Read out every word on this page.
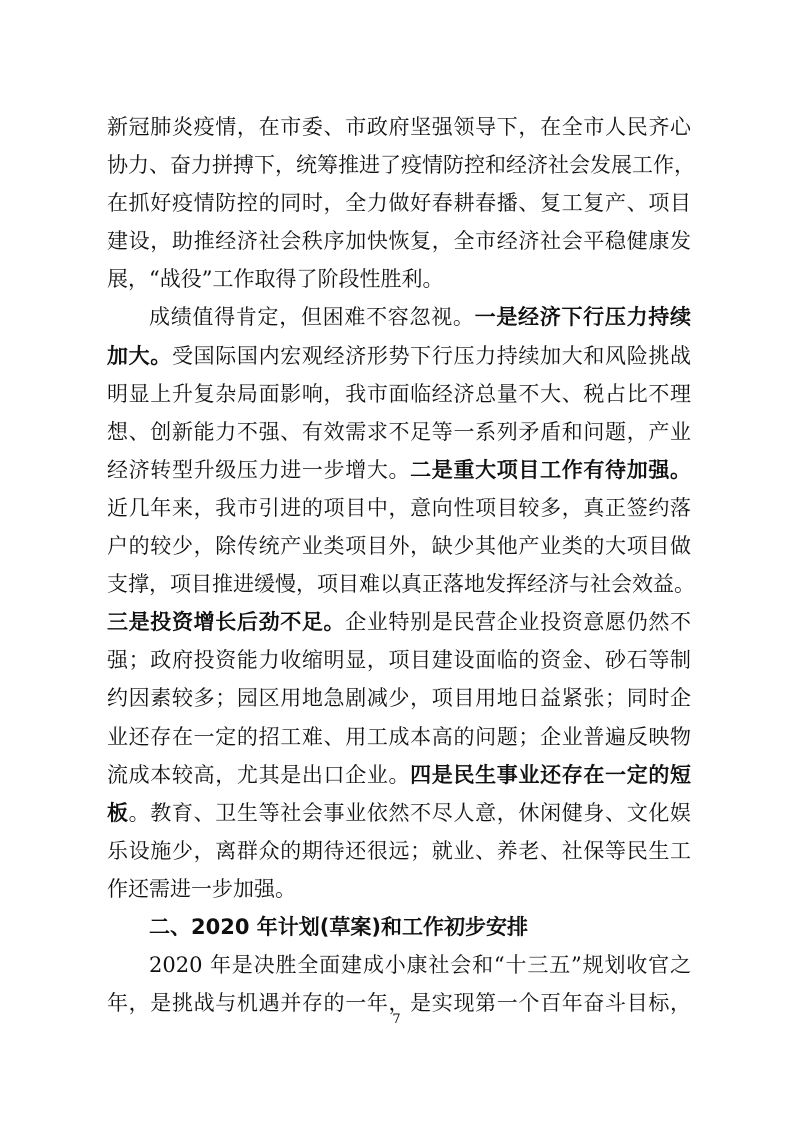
新冠肺炎疫情，在市委、市政府坚强领导下，在全市人民齐心
协力、奋力拼搏下，统筹推进了疫情防控和经济社会发展工作，
在抓好疫情防控的同时，全力做好春耕春播、复工复产、项目
建设，助推经济社会秩序加快恢复，全市经济社会平稳健康发
展，“战役”工作取得了阶段性胜利。
成绩值得肯定，但困难不容忽视。一是经济下行压力持续
加大。受国际国内宏观经济形势下行压力持续加大和风险挑战
明显上升复杂局面影响，我市面临经济总量不大、税占比不理
想、创新能力不强、有效需求不足等一系列矛盾和问题，产业
经济转型升级压力进一步增大。二是重大项目工作有待加强。
近几年来，我市引进的项目中，意向性项目较多，真正签约落
户的较少，除传统产业类项目外，缺少其他产业类的大项目做
支撑，项目推进缓慢，项目难以真正落地发挥经济与社会效益。
三是投资增长后劲不足。企业特别是民营企业投资意愿仍然不
强；政府投资能力收缩明显，项目建设面临的资金、砂石等制
约因素较多；园区用地急剧减少，项目用地日益紧张；同时企
业还存在一定的招工难、用工成本高的问题；企业普遍反映物
流成本较高，尤其是出口企业。四是民生事业还存在一定的短
板。教育、卫生等社会事业依然不尽人意，休闲健身、文化娱
乐设施少，离群众的期待还很远；就业、养老、社保等民生工
作还需进一步加强。
二、2020 年计划(草案)和工作初步安排
2020 年是决胜全面建成小康社会和“十三五”规划收官之
年，是挑战与机遇并存的一年，是实现第一个百年奋斗目标，
7
